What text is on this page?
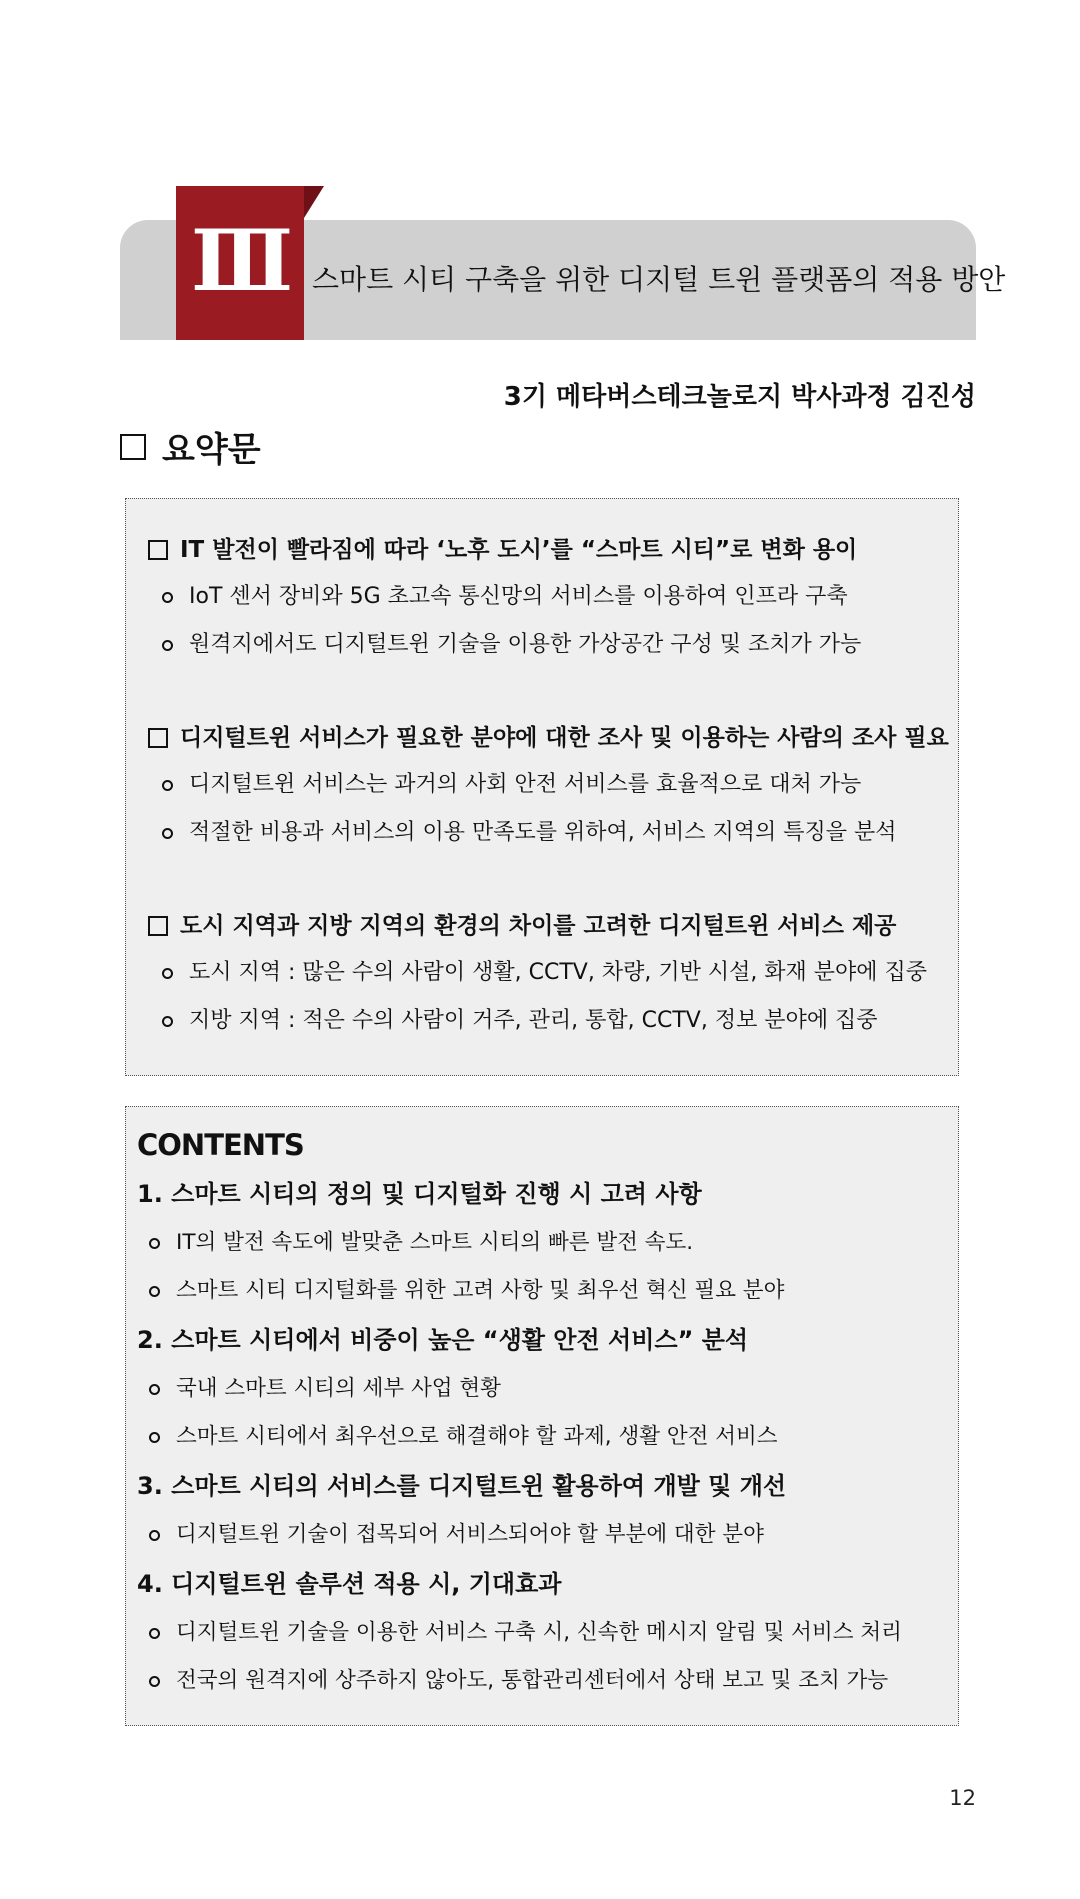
Ⅲ 스마트 시티 구축을 위한 디지털 트윈 플랫폼의 적용 방안
3기 메타버스테크놀로지 박사과정 김진성
요약문
IT 발전이 빨라짐에 따라 ‘노후 도시’를 “스마트 시티”로 변화 용이
IoT 센서 장비와 5G 초고속 통신망의 서비스를 이용하여 인프라 구축
원격지에서도 디지털트윈 기술을 이용한 가상공간 구성 및 조치가 가능
디지털트윈 서비스가 필요한 분야에 대한 조사 및 이용하는 사람의 조사 필요
디지털트윈 서비스는 과거의 사회 안전 서비스를 효율적으로 대처 가능
적절한 비용과 서비스의 이용 만족도를 위하여, 서비스 지역의 특징을 분석
도시 지역과 지방 지역의 환경의 차이를 고려한 디지털트윈 서비스 제공
도시 지역 : 많은 수의 사람이 생활, CCTV, 차량, 기반 시설, 화재 분야에 집중
지방 지역 : 적은 수의 사람이 거주, 관리, 통합, CCTV, 정보 분야에 집중
CONTENTS
1. 스마트 시티의 정의 및 디지털화 진행 시 고려 사항
IT의 발전 속도에 발맞춘 스마트 시티의 빠른 발전 속도.
스마트 시티 디지털화를 위한 고려 사항 및 최우선 혁신 필요 분야
2. 스마트 시티에서 비중이 높은 “생활 안전 서비스” 분석
국내 스마트 시티의 세부 사업 현황
스마트 시티에서 최우선으로 해결해야 할 과제, 생활 안전 서비스
3. 스마트 시티의 서비스를 디지털트윈 활용하여 개발 및 개선
디지털트윈 기술이 접목되어 서비스되어야 할 부분에 대한 분야
4. 디지털트윈 솔루션 적용 시, 기대효과
디지털트윈 기술을 이용한 서비스 구축 시, 신속한 메시지 알림 및 서비스 처리
전국의 원격지에 상주하지 않아도, 통합관리센터에서 상태 보고 및 조치 가능
12
